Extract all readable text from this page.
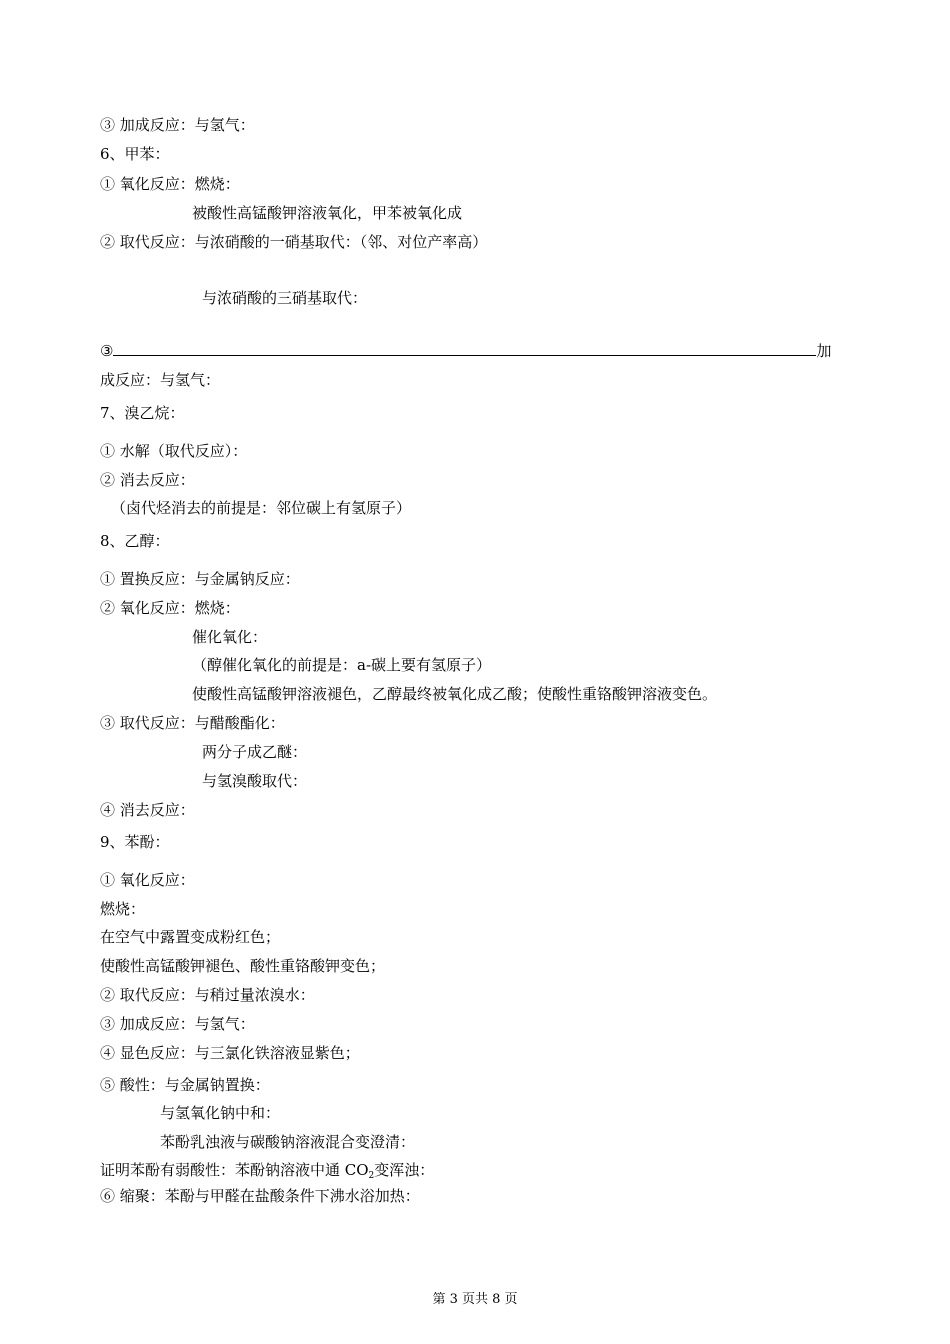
③ 加成反应：与氢气：
6、甲苯：
① 氧化反应：燃烧：
被酸性高锰酸钾溶液氧化，甲苯被氧化成
② 取代反应：与浓硝酸的一硝基取代：（邻、对位产率高）
与浓硝酸的三硝基取代：
③	加
成反应：与氢气：
7、溴乙烷：
① 水解（取代反应）：
② 消去反应：
（卤代烃消去的前提是：邻位碳上有氢原子）
8、乙醇：
① 置换反应：与金属钠反应：
② 氧化反应：燃烧：
催化氧化：
（醇催化氧化的前提是：a-碳上要有氢原子）
使酸性高锰酸钾溶液褪色，乙醇最终被氧化成乙酸；使酸性重铬酸钾溶液变色。
③ 取代反应：与醋酸酯化：
两分子成乙醚：
与氢溴酸取代：
④ 消去反应：
9、苯酚：
① 氧化反应：
燃烧：
在空气中露置变成粉红色；
使酸性高锰酸钾褪色、酸性重铬酸钾变色；
② 取代反应：与稍过量浓溴水：
③ 加成反应：与氢气：
④ 显色反应：与三氯化铁溶液显紫色；
⑤ 酸性：与金属钠置换：
与氢氧化钠中和：
苯酚乳浊液与碳酸钠溶液混合变澄清：
证明苯酚有弱酸性：苯酚钠溶液中通 $CO_2$变浑浊：
⑥ 缩聚：苯酚与甲醛在盐酸条件下沸水浴加热：
第 3 页共 8 页
